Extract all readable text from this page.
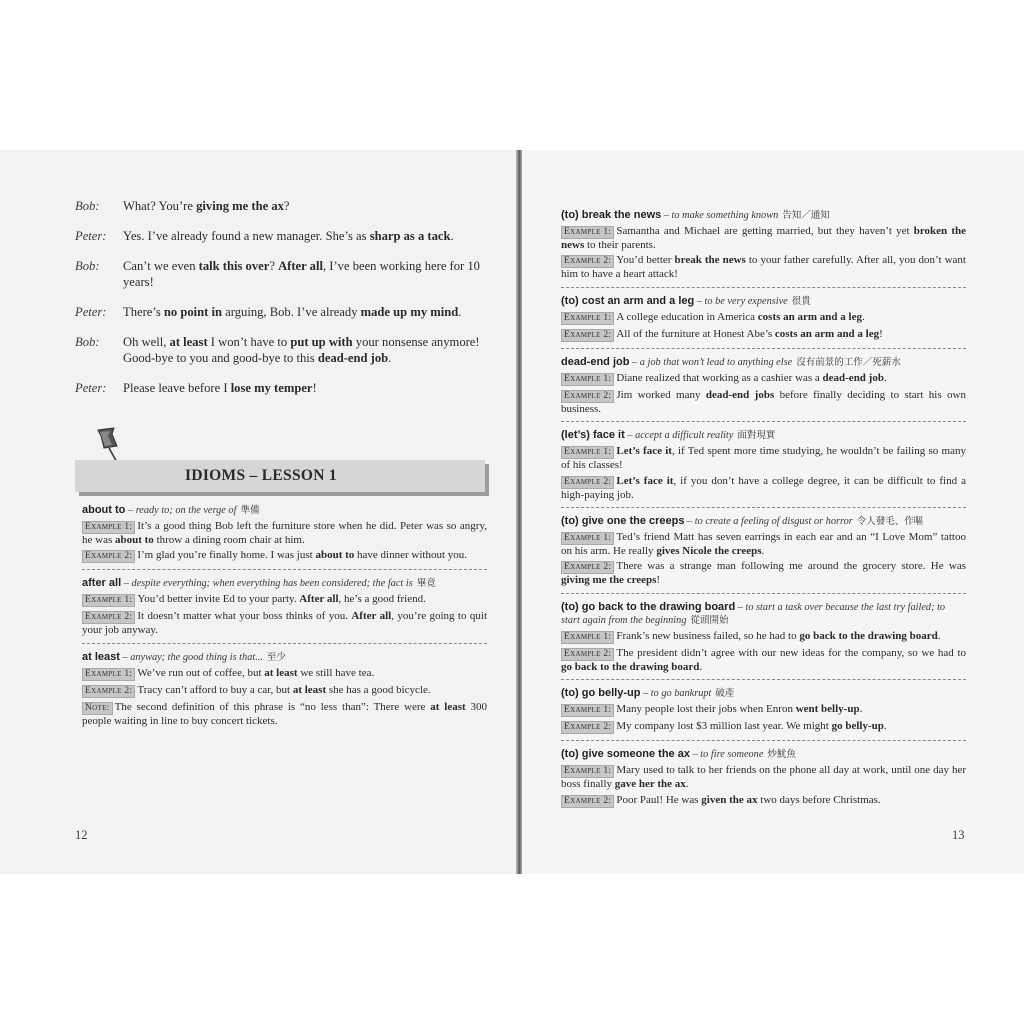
Bob:	What? You’re giving me the ax?
Peter:	Yes. I’ve already found a new manager. She’s as sharp as a tack.
Bob:	Can’t we even talk this over? After all, I’ve been working here for 10 years!
Peter:	There’s no point in arguing, Bob. I’ve already made up my mind.
Bob:	Oh well, at least I won’t have to put up with your nonsense anymore! Good-bye to you and good-bye to this dead-end job.
Peter:	Please leave before I lose my temper!
IDIOMS – LESSON 1
about to – ready to; on the verge of 準備
Example 1: It’s a good thing Bob left the furniture store when he did. Peter was so angry, he was about to throw a dining room chair at him.
Example 2: I’m glad you’re finally home. I was just about to have dinner without you.
after all – despite everything; when everything has been considered; the fact is 畢竟
Example 1: You’d better invite Ed to your party. After all, he’s a good friend.
Example 2: It doesn’t matter what your boss thinks of you. After all, you’re going to quit your job anyway.
at least – anyway; the good thing is that... 至少
Example 1: We’ve run out of coffee, but at least we still have tea.
Example 2: Tracy can’t afford to buy a car, but at least she has a good bicycle.
Note: The second definition of this phrase is “no less than”: There were at least 300 people waiting in line to buy concert tickets.
12	13
(to) break the news – to make something known 告知／通知
Example 1: Samantha and Michael are getting married, but they haven’t yet broken the news to their parents.
Example 2: You’d better break the news to your father carefully. After all, you don’t want him to have a heart attack!
(to) cost an arm and a leg – to be very expensive 很貴
Example 1: A college education in America costs an arm and a leg.
Example 2: All of the furniture at Honest Abe’s costs an arm and a leg!
dead-end job – a job that won’t lead to anything else 沒有前景的工作／死薪水
Example 1: Diane realized that working as a cashier was a dead-end job.
Example 2: Jim worked many dead-end jobs before finally deciding to start his own business.
(let’s) face it – accept a difficult reality 面對現實
Example 1: Let’s face it, if Ted spent more time studying, he wouldn’t be failing so many of his classes!
Example 2: Let’s face it, if you don’t have a college degree, it can be difficult to find a high-paying job.
(to) give one the creeps – to create a feeling of disgust or horror 令人發毛、作嘔
Example 1: Ted’s friend Matt has seven earrings in each ear and an “I Love Mom” tattoo on his arm. He really gives Nicole the creeps.
Example 2: There was a strange man following me around the grocery store. He was giving me the creeps!
(to) go back to the drawing board – to start a task over because the last try failed; to start again from the beginning 從頭開始
Example 1: Frank’s new business failed, so he had to go back to the drawing board.
Example 2: The president didn’t agree with our new ideas for the company, so we had to go back to the drawing board.
(to) go belly-up – to go bankrupt 破產
Example 1: Many people lost their jobs when Enron went belly-up.
Example 2: My company lost $3 million last year. We might go belly-up.
(to) give someone the ax – to fire someone 炒魷魚
Example 1: Mary used to talk to her friends on the phone all day at work, until one day her boss finally gave her the ax.
Example 2: Poor Paul! He was given the ax two days before Christmas.
